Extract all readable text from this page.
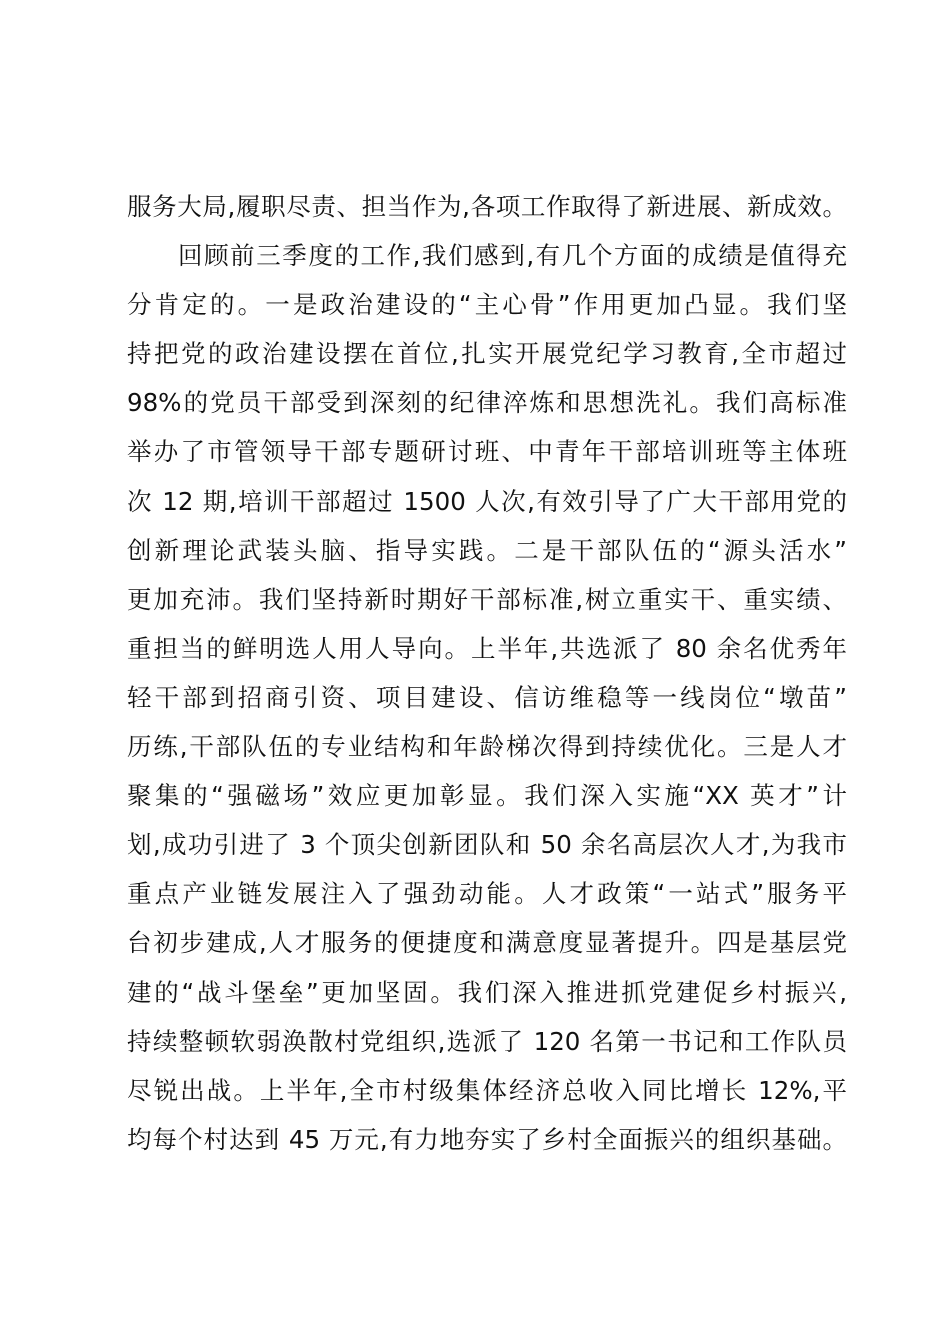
服务大局,履职尽责、担当作为,各项工作取得了新进展、新成效。
回顾前三季度的工作,我们感到,有几个方面的成绩是值得充
分肯定的。一是政治建设的“主心骨”作用更加凸显。我们坚
持把党的政治建设摆在首位,扎实开展党纪学习教育,全市超过
98%的党员干部受到深刻的纪律淬炼和思想洗礼。我们高标准
举办了市管领导干部专题研讨班、中青年干部培训班等主体班
次 12 期,培训干部超过 1500 人次,有效引导了广大干部用党的
创新理论武装头脑、指导实践。二是干部队伍的“源头活水”
更加充沛。我们坚持新时期好干部标准,树立重实干、重实绩、
重担当的鲜明选人用人导向。上半年,共选派了 80 余名优秀年
轻干部到招商引资、项目建设、信访维稳等一线岗位“墩苗”
历练,干部队伍的专业结构和年龄梯次得到持续优化。三是人才
聚集的“强磁场”效应更加彰显。我们深入实施“XX 英才”计
划,成功引进了 3 个顶尖创新团队和 50 余名高层次人才,为我市
重点产业链发展注入了强劲动能。人才政策“一站式”服务平
台初步建成,人才服务的便捷度和满意度显著提升。四是基层党
建的“战斗堡垒”更加坚固。我们深入推进抓党建促乡村振兴,
持续整顿软弱涣散村党组织,选派了 120 名第一书记和工作队员
尽锐出战。上半年,全市村级集体经济总收入同比增长 12%,平
均每个村达到 45 万元,有力地夯实了乡村全面振兴的组织基础。
